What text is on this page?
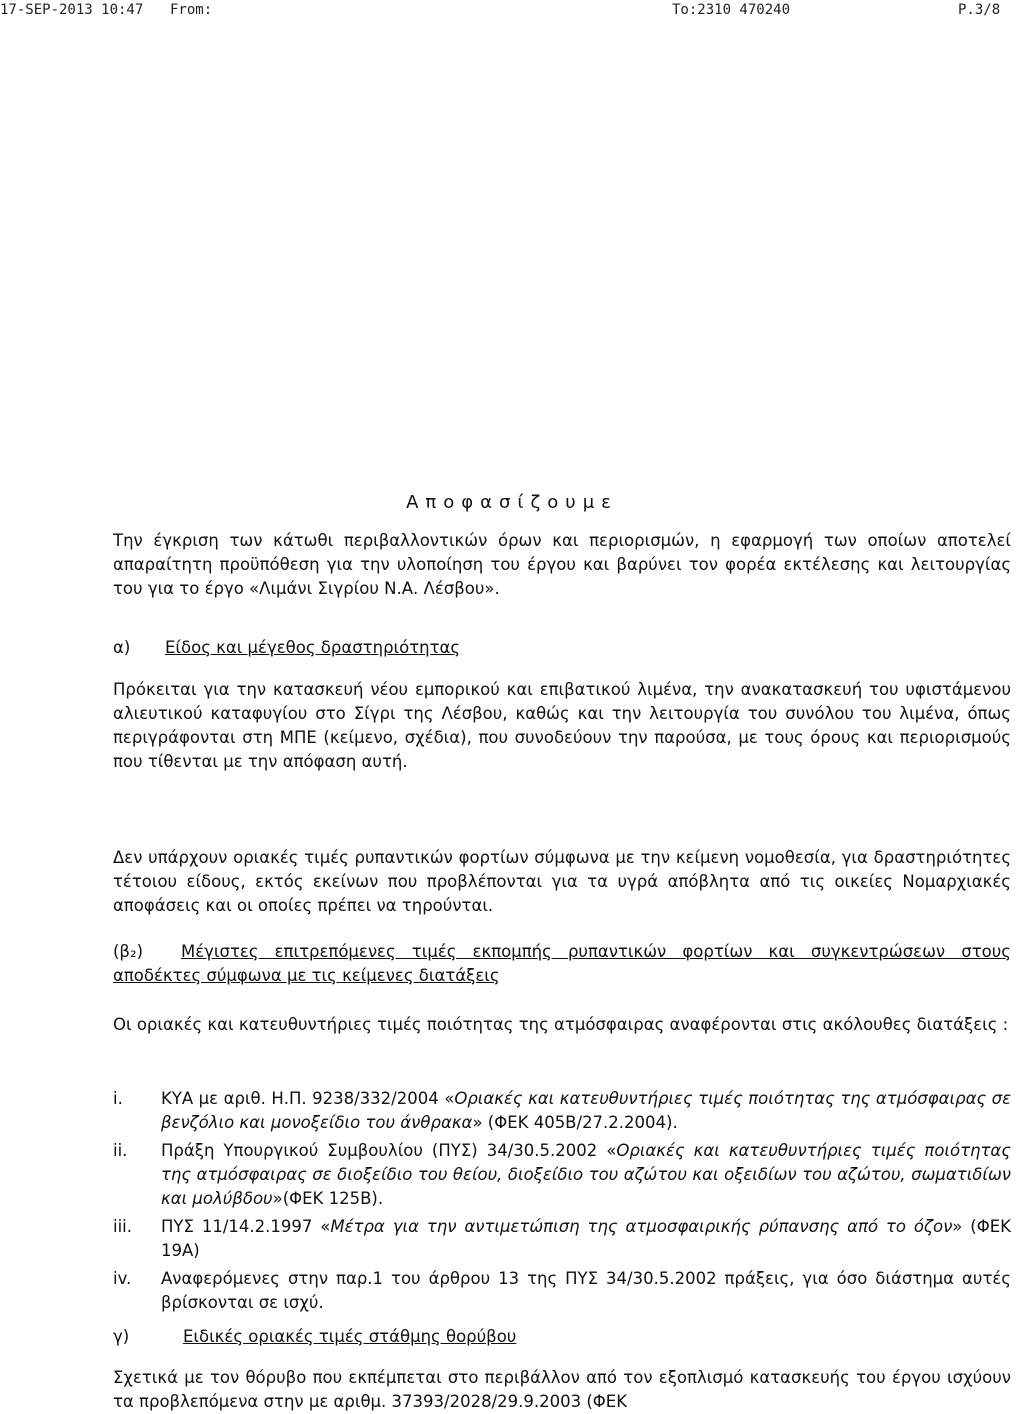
17-SEP-2013 10:47 From:	To:2310 470240	P.3/8
Αποφασίζουμε

Την έγκριση των κάτωθι περιβαλλοντικών όρων και περιορισμών, η εφαρμογή των οποίων αποτελεί απαραίτητη προϋπόθεση για την υλοποίηση του έργου και βαρύνει τον φορέα εκτέλεσης και λειτουργίας του για το έργο «Λιμάνι Σιγρίου Ν.Α. Λέσβου».

α) Είδος και μέγεθος δραστηριότητας

Πρόκειται για την κατασκευή νέου εμπορικού και επιβατικού λιμένα, την ανακατασκευή του υφιστάμενου αλιευτικού καταφυγίου στο Σίγρι της Λέσβου, καθώς και την λειτουργία του συνόλου του λιμένα, όπως περιγράφονται στη ΜΠΕ (κείμενο, σχέδια), που συνοδεύουν την παρούσα, με τους όρους και περιορισμούς που τίθενται με την απόφαση αυτή.

Δεν υπάρχουν οριακές τιμές ρυπαντικών φορτίων σύμφωνα με την κείμενη νομοθεσία, για δραστηριότητες τέτοιου είδους, εκτός εκείνων που προβλέπονται για τα υγρά απόβλητα από τις οικείες Νομαρχιακές αποφάσεις και οι οποίες πρέπει να τηρούνται.

(β₂) Μέγιστες επιτρεπόμενες τιμές εκπομπής ρυπαντικών φορτίων και συγκεντρώσεων στους αποδέκτες σύμφωνα με τις κείμενες διατάξεις

Οι οριακές και κατευθυντήριες τιμές ποιότητας της ατμόσφαιρας αναφέρονται στις ακόλουθες διατάξεις :

i. ΚΥΑ με αριθ. Η.Π. 9238/332/2004 «Οριακές και κατευθυντήριες τιμές ποιότητας της ατμόσφαιρας σε βενζόλιο και μονοξείδιο του άνθρακα» (ΦΕΚ 405Β/27.2.2004).
ii. Πράξη Υπουργικού Συμβουλίου (ΠΥΣ) 34/30.5.2002 «Οριακές και κατευθυντήριες τιμές ποιότητας της ατμόσφαιρας σε διοξείδιο του θείου, διοξείδιο του αζώτου και οξειδίων του αζώτου, σωματιδίων και μολύβδου»(ΦΕΚ 125Β).
iii. ΠΥΣ 11/14.2.1997 «Μέτρα για την αντιμετώπιση της ατμοσφαιρικής ρύπανσης από το όζον» (ΦΕΚ 19Α)
iv. Αναφερόμενες στην παρ.1 του άρθρου 13 της ΠΥΣ 34/30.5.2002 πράξεις, για όσο διάστημα αυτές βρίσκονται σε ισχύ.
γ)	Ειδικές οριακές τιμές στάθμης θορύβου

Σχετικά με τον θόρυβο που εκπέμπεται στο περιβάλλον από τον εξοπλισμό κατασκευής του έργου ισχύουν τα προβλεπόμενα στην με αριθμ. 37393/2028/29.9.2003 (ΦΕΚ
